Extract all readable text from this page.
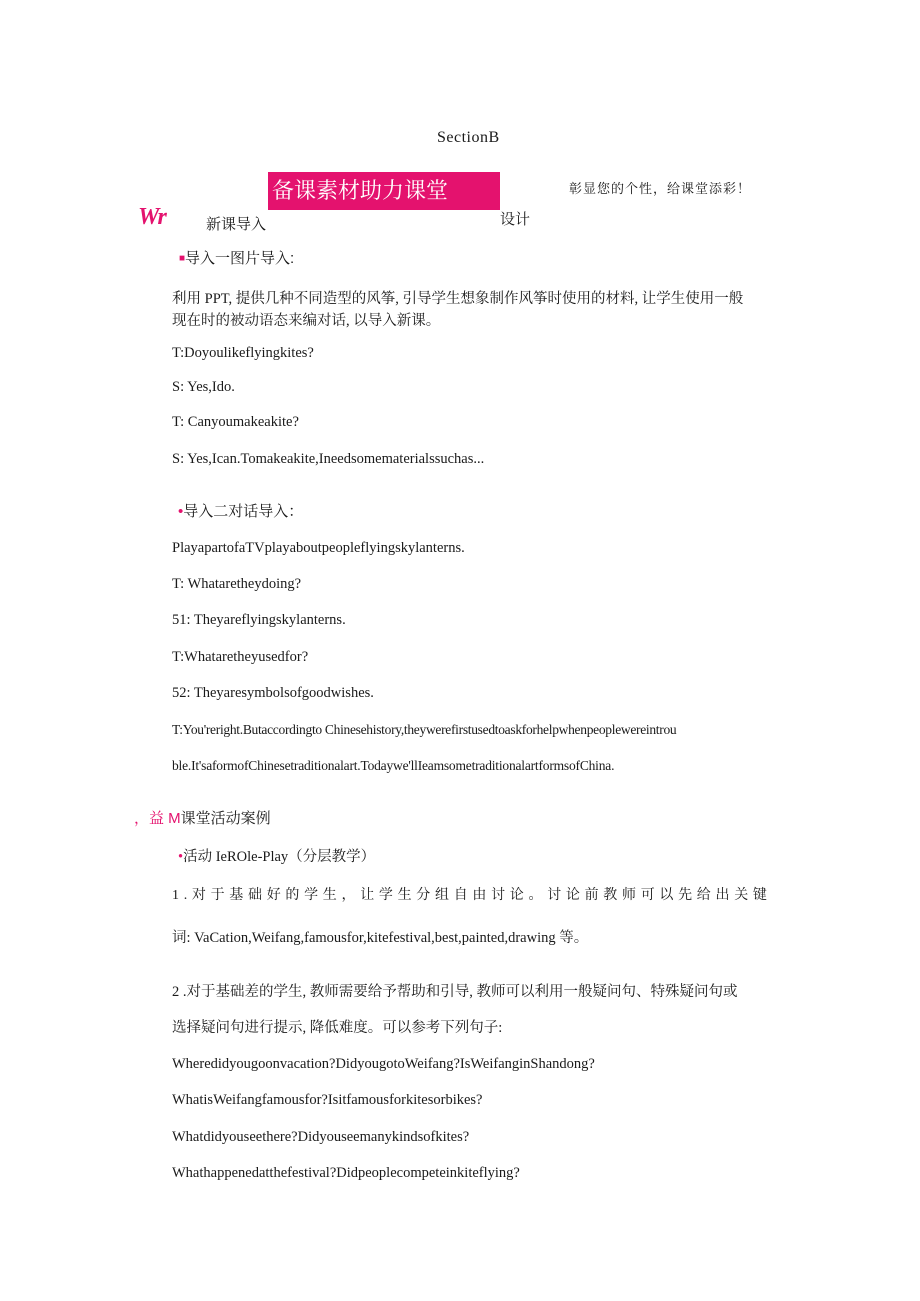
SectionB
备课素材助力课堂	彰显您的个性，给课堂添彩！
Wr	新课导入	设计
■导入一图片导入:
利用 PPT, 提供几种不同造型的风筝, 引导学生想象制作风筝时使用的材料, 让学生使用一般
现在时的被动语态来编对话, 以导入新课。
T:Doyoulikeflyingkites?
S: Yes,Ido.
T: Canyoumakeakite?
S: Yes,Ican.Tomakeakite,Ineedsomematerialssuchas...
•导入二对话导入：
PlayapartofaTVplayaboutpeopleflyingskylanterns.
T: Whataretheydoing?
51: Theyareflyingskylanterns.
T:Whataretheyusedfor?
52: Theyaresymbolsofgoodwishes.
T:You'reright.Butaccordingto Chinesehistory,theywerefirstusedtoaskforhelpwhenpeoplewereintrou
ble.It'saformofChinesetraditionalart.Todaywe'llIeamsometraditionalartformsofChina.
，益 M课堂活动案例
•活动 IeROle-Play（分层教学）
1 . 对 于 基 础 好 的 学 生 ， 让 学 生 分 组 自 由 讨 论 。 讨 论 前 教 师 可 以 先 给 出 关 键
词: VaCation,Weifang,famousfor,kitefestival,best,painted,drawing 等。
2 .对于基础差的学生, 教师需要给予帮助和引导, 教师可以利用一般疑问句、特殊疑问句或
选择疑问句进行提示, 降低难度。可以参考下列句子:
Wheredidyougoonvacation?DidyougotoWeifang?IsWeifanginShandong?
WhatisWeifangfamousfor?Isitfamousforkitesorbikes?
Whatdidyouseethere?Didyouseemanykindsofkites?
Whathappenedatthefestival?Didpeoplecompeteinkiteflying?
